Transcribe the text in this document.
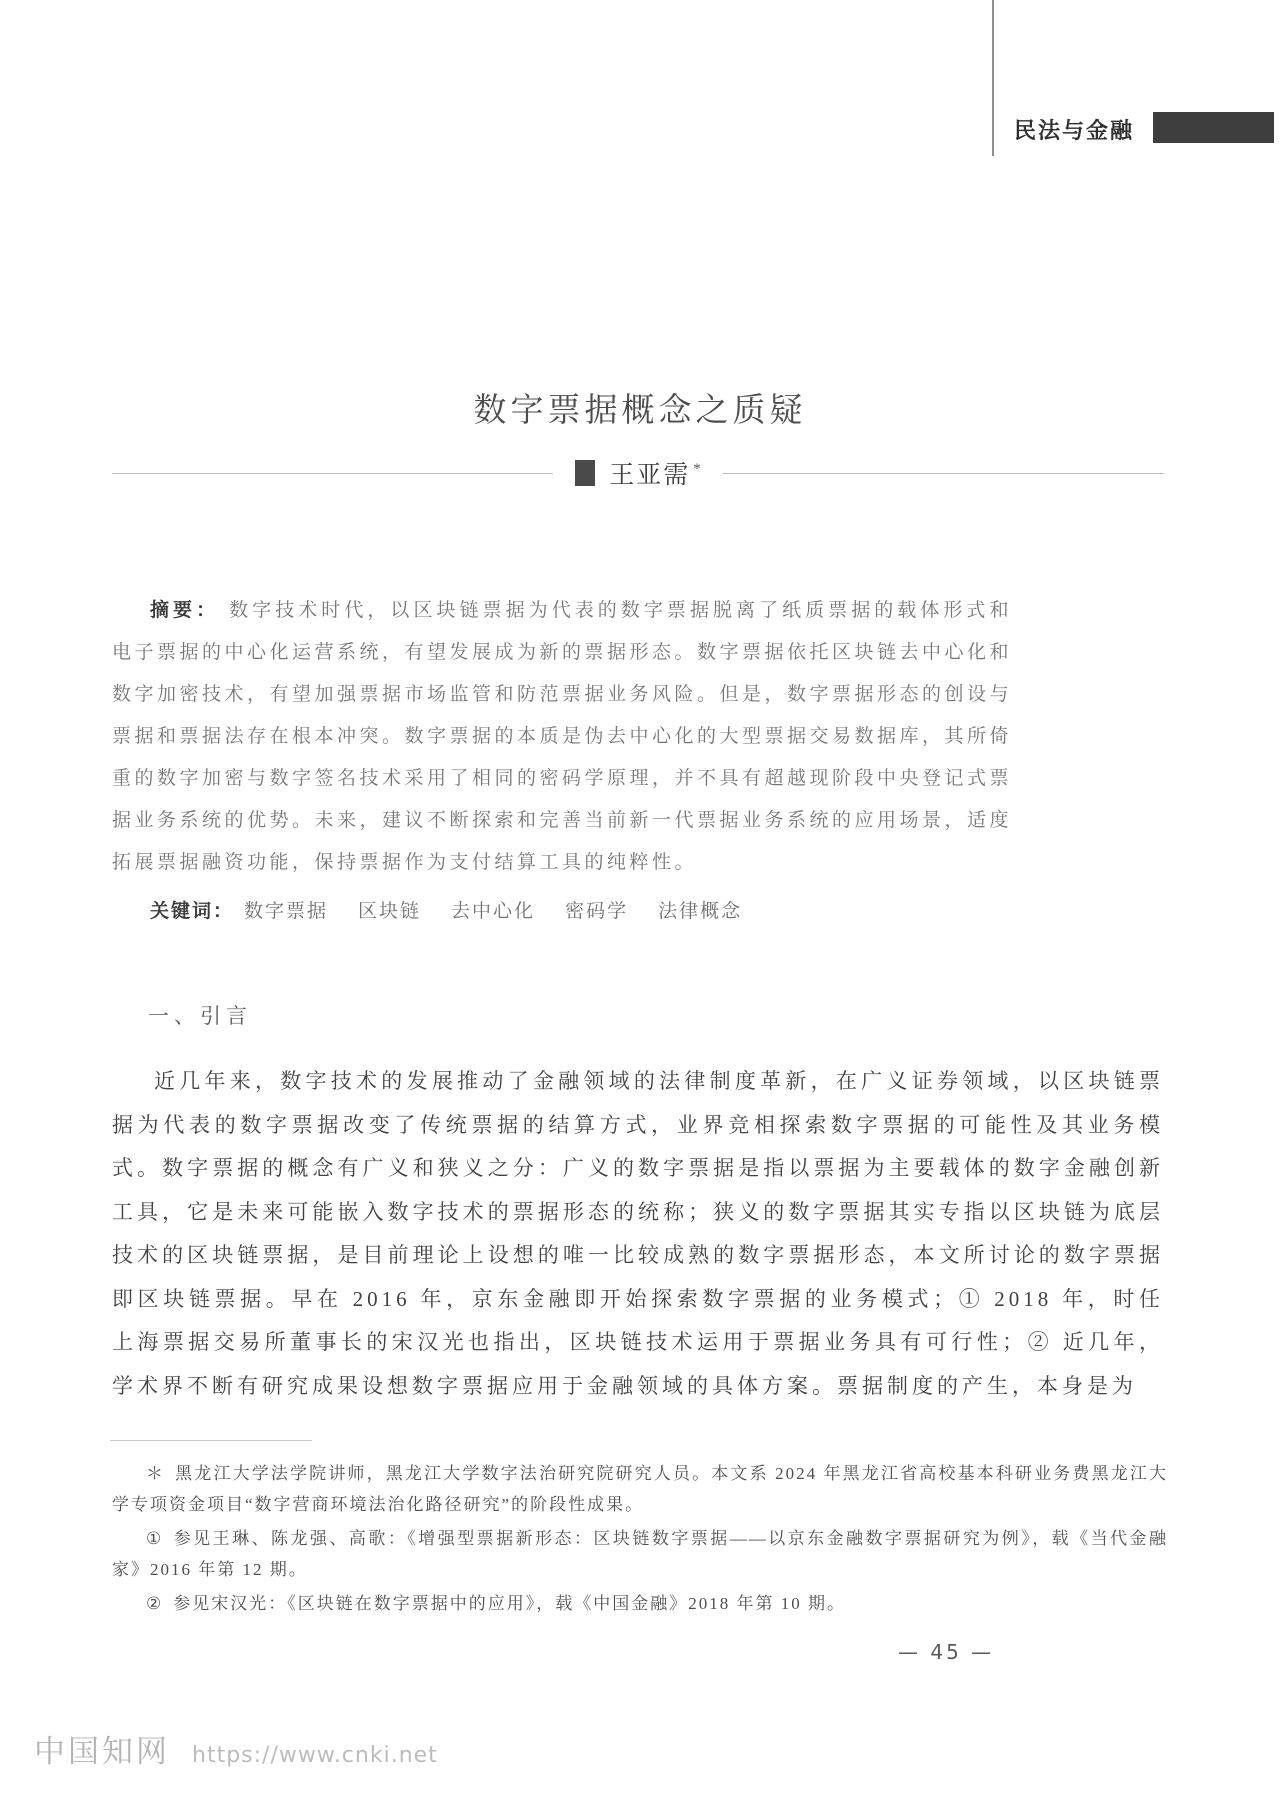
民法与金融
数字票据概念之质疑
王亚需 *

摘要： 数字技术时代，以区块链票据为代表的数字票据脱离了纸质票据的载体形式和电子票据的中心化运营系统，有望发展成为新的票据形态。数字票据依托区块链去中心化和数字加密技术，有望加强票据市场监管和防范票据业务风险。但是，数字票据形态的创设与票据和票据法存在根本冲突。数字票据的本质是伪去中心化的大型票据交易数据库，其所倚重的数字加密与数字签名技术采用了相同的密码学原理，并不具有超越现阶段中央登记式票据业务系统的优势。未来，建议不断探索和完善当前新一代票据业务系统的应用场景，适度拓展票据融资功能，保持票据作为支付结算工具的纯粹性。

关键词： 数字票据 区块链 去中心化 密码学 法律概念
一、引言

近几年来，数字技术的发展推动了金融领域的法律制度革新，在广义证券领域，以区块链票据为代表的数字票据改变了传统票据的结算方式，业界竞相探索数字票据的可能性及其业务模式。数字票据的概念有广义和狭义之分：广义的数字票据是指以票据为主要载体的数字金融创新工具，它是未来可能嵌入数字技术的票据形态的统称；狭义的数字票据其实专指以区块链为底层技术的区块链票据，是目前理论上设想的唯一比较成熟的数字票据形态，本文所讨论的数字票据即区块链票据。早在 2016 年，京东金融即开始探索数字票据的业务模式；① 2018 年，时任上海票据交易所董事长的宋汉光也指出，区块链技术运用于票据业务具有可行性；② 近几年，学术界不断有研究成果设想数字票据应用于金融领域的具体方案。票据制度的产生，本身是为

＊ 黑龙江大学法学院讲师，黑龙江大学数字法治研究院研究人员。本文系 2024 年黑龙江省高校基本科研业务费黑龙江大学专项资金项目“数字营商环境法治化路径研究”的阶段性成果。

① 参见王琳、陈龙强、高歌：《增强型票据新形态：区块链数字票据——以京东金融数字票据研究为例》，载《当代金融家》2016 年第 12 期。

② 参见宋汉光：《区块链在数字票据中的应用》，载《中国金融》2018 年第 10 期。

— 45 —
中国知网 https://www.cnki.net
